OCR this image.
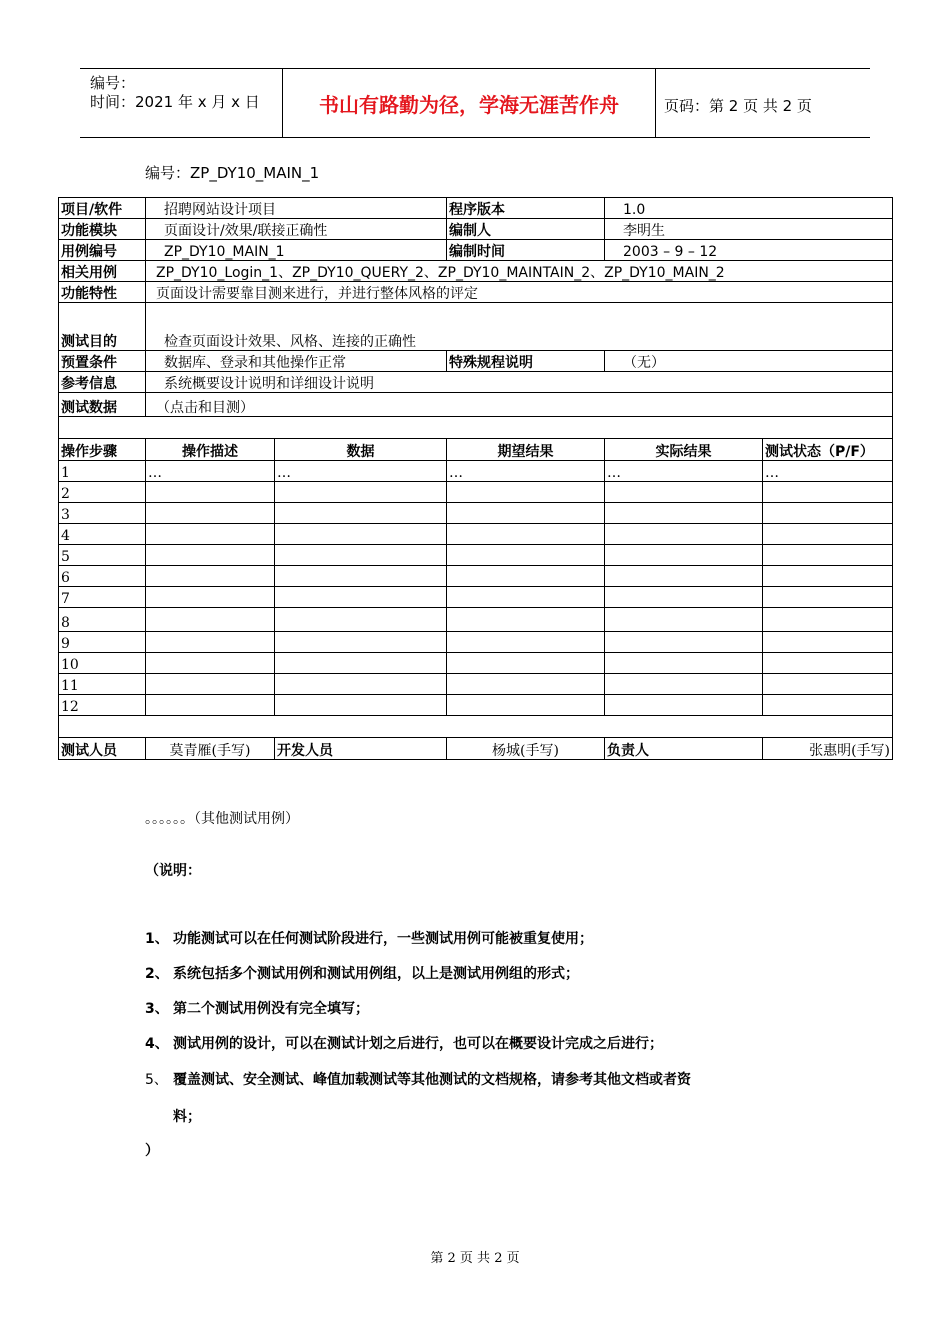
编号：
时间：2021 年 x 月 x 日	书山有路勤为径，学海无涯苦作舟	页码：第 2 页 共 2 页
编号：ZP_DY10_MAIN_1
项目/软件	招聘网站设计项目		程序版本	1.0	
功能模块	页面设计/效果/联接正确性		编制人	李明生	
用例编号	ZP_DY10_MAIN_1		编制时间	2003 – 9 – 12	
相关用例	ZP_DY10_Login_1、ZP_DY10_QUERY_2、ZP_DY10_MAINTAIN_2、ZP_DY10_MAIN_2				
功能特性	页面设计需要靠目测来进行，并进行整体风格的评定				
测试目的	检查页面设计效果、风格、连接的正确性				
预置条件	数据库、登录和其他操作正常		特殊规程说明	（无）	
参考信息	系统概要设计说明和详细设计说明				
测试数据	（点击和目测）				

操作步骤	操作描述	数据	期望结果	实际结果	测试状态（P/F）
1	…	…	…	…	…
2					
3					
4					
5					
6					
7					
8					
9					
10					
11					
12					

测试人员	莫青雁(手写)	开发人员	杨城(手写)	负责人	张惠明(手写)
。。。。。。（其他测试用例）
（说明：
1、 功能测试可以在任何测试阶段进行，一些测试用例可能被重复使用；
2、 系统包括多个测试用例和测试用例组，以上是测试用例组的形式；
3、 第二个测试用例没有完全填写；
4、 测试用例的设计，可以在测试计划之后进行，也可以在概要设计完成之后进行；
5、 覆盖测试、安全测试、峰值加载测试等其他测试的文档规格，请参考其他文档或者资
料；
）
第 2 页 共 2 页
